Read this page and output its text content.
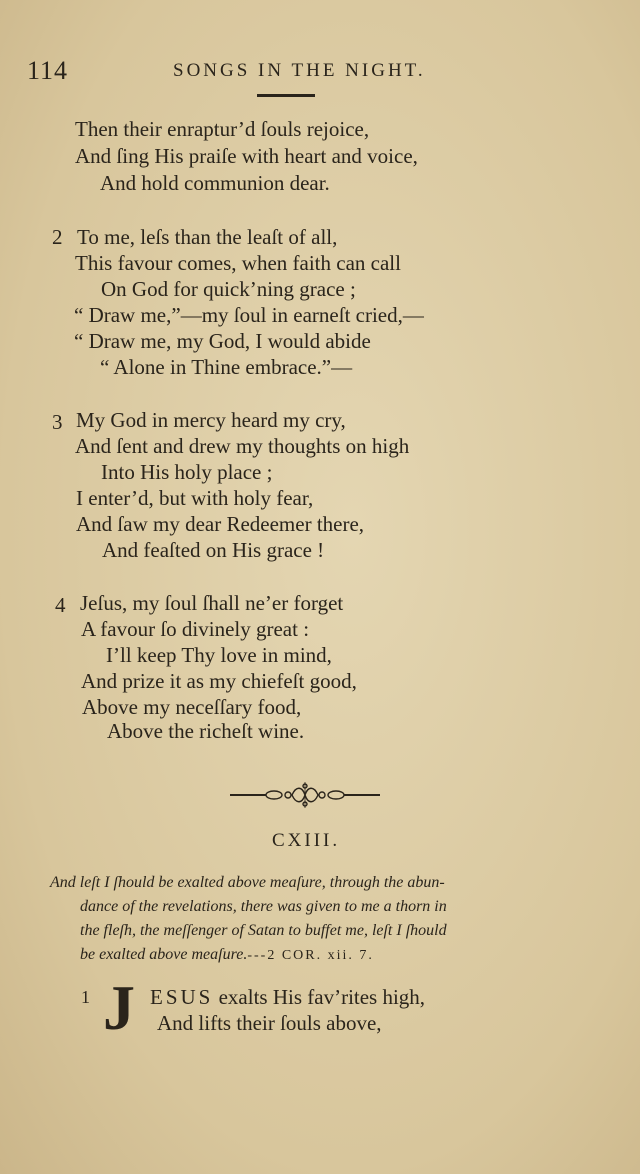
114	SONGS IN THE NIGHT.
Then their enraptur’d ſouls rejoice,
And ſing His praiſe with heart and voice,
And hold communion dear.
2 To me, leſs than the leaſt of all,
This favour comes, when faith can call
On God for quick’ning grace ;
“ Draw me,”—my ſoul in earneſt cried,—
“ Draw me, my God, I would abide
“ Alone in Thine embrace.”—
3 My God in mercy heard my cry,
And ſent and drew my thoughts on high
Into His holy place ;
I enter’d, but with holy fear,
And ſaw my dear Redeemer there,
And feaſted on His grace !
4 Jeſus, my ſoul ſhall ne’er forget
A favour ſo divinely great :
I’ll keep Thy love in mind,
And prize it as my chiefeſt good,
Above my neceſſary food,
Above the richeſt wine.
CXIII.
And leſt I ſhould be exalted above meaſure, through the abun-
dance of the revelations, there was given to me a thorn in
the fleſh, the meſſenger of Satan to buffet me, leſt I ſhould
be exalted above meaſure.---2 COR. xii. 7.
1 J ESUS exalts His fav’rites high,
And lifts their ſouls above,
